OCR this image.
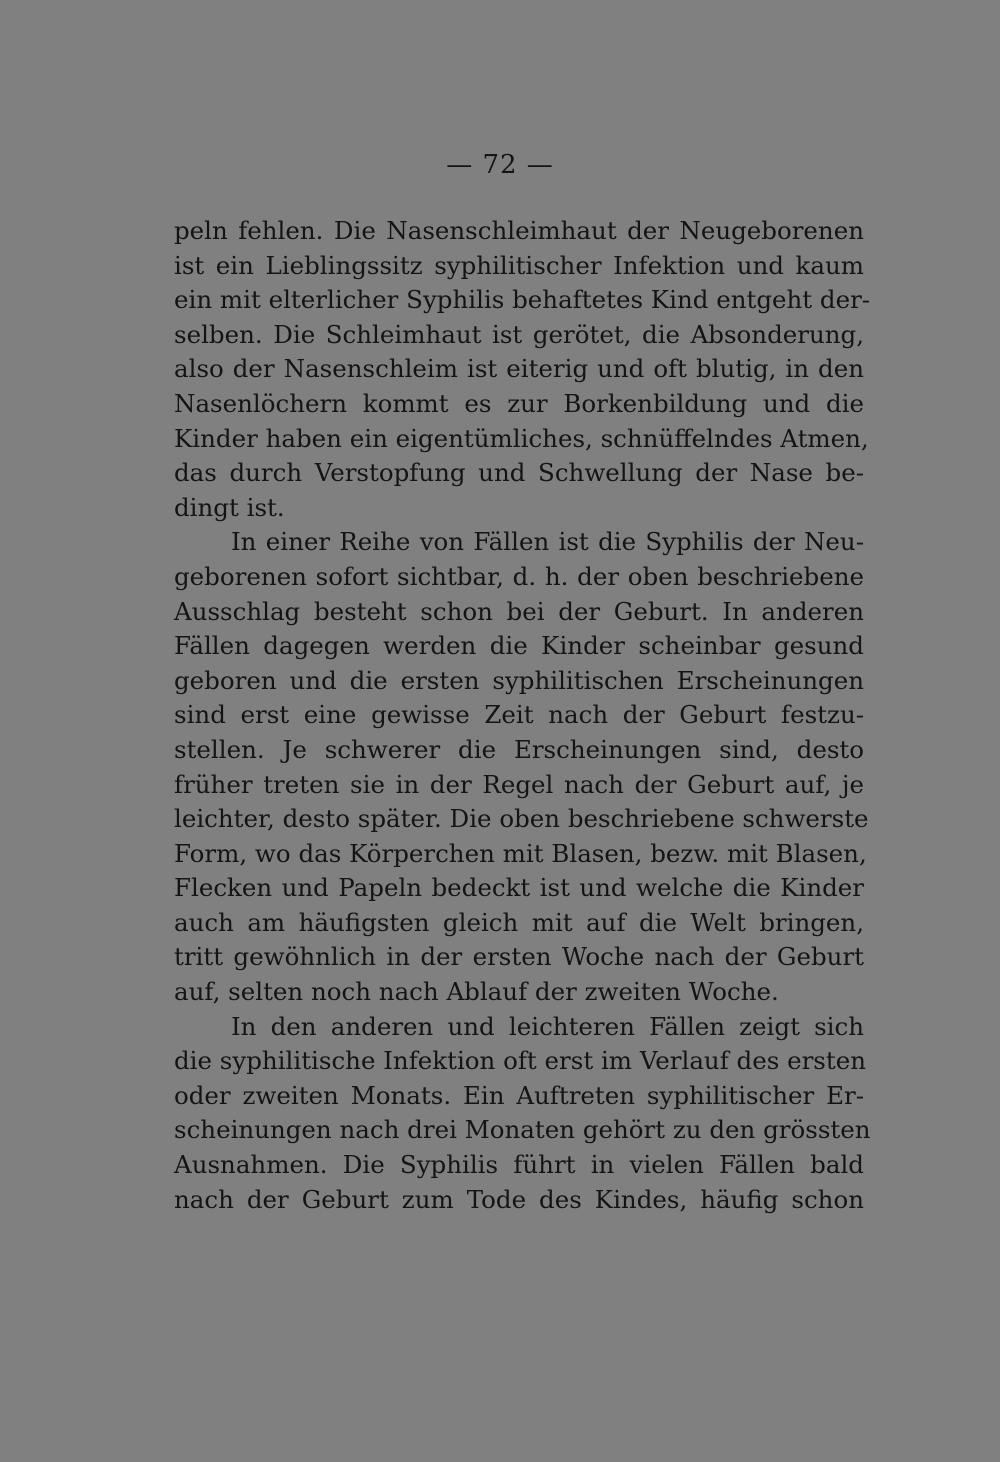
— 72 —
peln fehlen. Die Nasenschleimhaut der Neugeborenen
ist ein Lieblingssitz syphilitischer Infektion und kaum
ein mit elterlicher Syphilis behaftetes Kind entgeht der-
selben. Die Schleimhaut ist gerötet, die Absonderung,
also der Nasenschleim ist eiterig und oft blutig, in den
Nasenlöchern kommt es zur Borkenbildung und die
Kinder haben ein eigentümliches, schnüffelndes Atmen,
das durch Verstopfung und Schwellung der Nase be-
dingt ist.
In einer Reihe von Fällen ist die Syphilis der Neu-
geborenen sofort sichtbar, d. h. der oben beschriebene
Ausschlag besteht schon bei der Geburt. In anderen
Fällen dagegen werden die Kinder scheinbar gesund
geboren und die ersten syphilitischen Erscheinungen
sind erst eine gewisse Zeit nach der Geburt festzu-
stellen. Je schwerer die Erscheinungen sind, desto
früher treten sie in der Regel nach der Geburt auf, je
leichter, desto später. Die oben beschriebene schwerste
Form, wo das Körperchen mit Blasen, bezw. mit Blasen,
Flecken und Papeln bedeckt ist und welche die Kinder
auch am häufigsten gleich mit auf die Welt bringen,
tritt gewöhnlich in der ersten Woche nach der Geburt
auf, selten noch nach Ablauf der zweiten Woche.
In den anderen und leichteren Fällen zeigt sich
die syphilitische Infektion oft erst im Verlauf des ersten
oder zweiten Monats. Ein Auftreten syphilitischer Er-
scheinungen nach drei Monaten gehört zu den grössten
Ausnahmen. Die Syphilis führt in vielen Fällen bald
nach der Geburt zum Tode des Kindes, häufig schon
